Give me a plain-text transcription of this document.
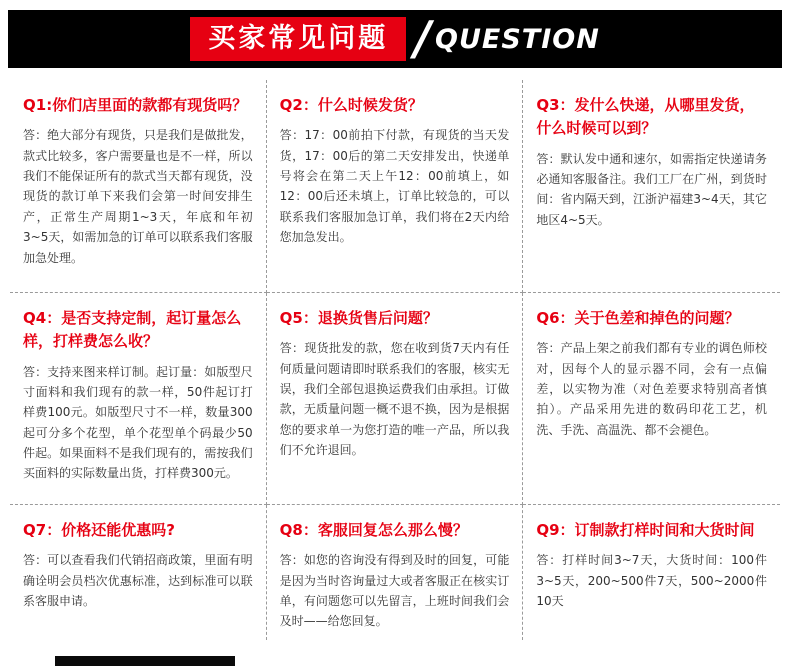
买家常见问题 / QUESTION
Q1:你们店里面的款都有现货吗？
答：绝大部分有现货，只是我们是做批发，款式比较多，客户需要量也是不一样，所以我们不能保证所有的款式当天都有现货，没现货的款订单下来我们会第一时间安排生产，正常生产周期1~3天，年底和年初3~5天，如需加急的订单可以联系我们客服加急处理。
Q2：什么时候发货？
答：17：00前拍下付款，有现货的当天发货，17：00后的第二天安排发出，快递单号将会在第二天上午12：00前填上，如12：00后还未填上，订单比较急的，可以联系我们客服加急订单，我们将在2天内给您加急发出。
Q3：发什么快递，从哪里发货，什么时候可以到？
答：默认发中通和速尔，如需指定快递请务必通知客服备注。我们工厂在广州，到货时间：省内隔天到，江浙沪福建3~4天，其它地区4~5天。
Q4：是否支持定制，起订量怎么样，打样费怎么收？
答：支持来图来样订制。起订量：如版型尺寸面料和我们现有的款一样，50件起订打样费100元。如版型尺寸不一样，数量300起可分多个花型，单个花型单个码最少50件起。如果面料不是我们现有的，需按我们买面料的实际数量出货，打样费300元。
Q5：退换货售后问题？
答：现货批发的款，您在收到货7天内有任何质量问题请即时联系我们的客服，核实无误，我们全部包退换运费我们由承担。订做款，无质量问题一概不退不换，因为是根据您的要求单一为您打造的唯一产品，所以我们不允许退回。
Q6：关于色差和掉色的问题？
答：产品上架之前我们都有专业的调色师校对，因每个人的显示器不同，会有一点偏差，以实物为准（对色差要求特别高者慎拍）。产品采用先进的数码印花工艺，机洗、手洗、高温洗、都不会褪色。
Q7：价格还能优惠吗?
答：可以查看我们代销招商政策，里面有明确诠明会员档次优惠标准，达到标准可以联系客服申请。
Q8：客服回复怎么那么慢？
答：如您的咨询没有得到及时的回复，可能是因为当时咨询量过大或者客服正在核实订单，有问题您可以先留言，上班时间我们会及时——给您回复。
Q9：订制款打样时间和大货时间
答：打样时间3~7天，大货时间：100件3~5天，200~500件7天，500~2000件10天
